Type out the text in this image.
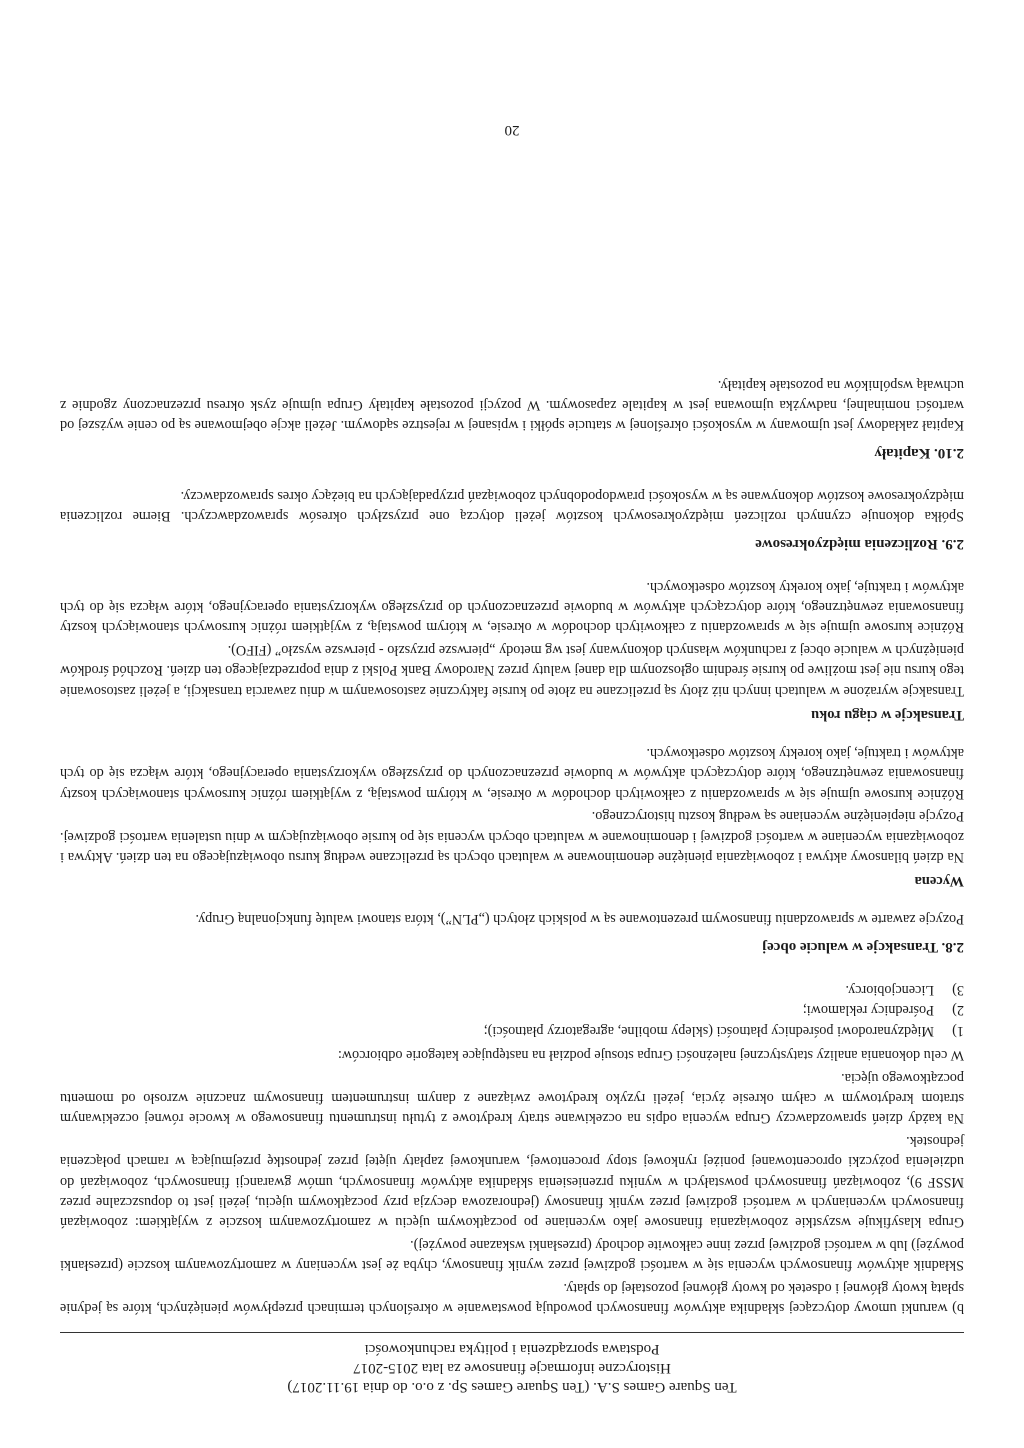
Ten Square Games S.A. (Ten Square Games Sp. z o.o. do dnia 19.11.2017)
Historyczne informacje finansowe za lata 2015-2017
Podstawa sporządzenia i polityka rachunkowości

b) warunki umowy dotyczącej składnika aktywów finansowych powodują powstawanie w określonych terminach przepływów pieniężnych, które są jedynie spłatą kwoty głównej i odsetek od kwoty głównej pozostałej do spłaty.

Składnik aktywów finansowych wycenia się w wartości godziwej przez wynik finansowy, chyba że jest wyceniany w zamortyzowanym koszcie (przesłanki powyżej) lub w wartości godziwej przez inne całkowite dochody (przesłanki wskazane powyżej).

Grupa klasyfikuje wszystkie zobowiązania finansowe jako wyceniane po początkowym ujęciu w zamortyzowanym koszcie z wyjątkiem: zobowiązań finansowych wycenianych w wartości godziwej przez wynik finansowy (jednorazowa decyzja przy początkowym ujęciu, jeżeli jest to dopuszczalne przez MSSF 9), zobowiązań finansowych powstałych w wyniku przeniesienia składnika aktywów finansowych, umów gwarancji finansowych, zobowiązań do udzielenia pożyczki oprocentowanej poniżej rynkowej stopy procentowej, warunkowej zapłaty ujętej przez jednostkę przejmującą w ramach połączenia jednostek.

Na każdy dzień sprawozdawczy Grupa wycenia odpis na oczekiwane straty kredytowe z tytułu instrumentu finansowego w kwocie równej oczekiwanym stratom kredytowym w całym okresie życia, jeżeli ryzyko kredytowe związane z danym instrumentem finansowym znacznie wzrosło od momentu początkowego ujęcia.

W celu dokonania analizy statystycznej należności Grupa stosuje podział na następujące kategorie odbiorców:

1)
Międzynarodowi pośrednicy płatności (sklepy mobilne, agregatorzy płatności);
2)
Pośrednicy reklamowi;
3)
Licencjobiorcy.
2.8. Transakcje w walucie obcej

Pozycje zawarte w sprawozdaniu finansowym prezentowane są w polskich złotych („PLN”), która stanowi walutę funkcjonalną Grupy.

Wycena

Na dzień bilansowy aktywa i zobowiązania pieniężne denominowane w walutach obcych są przeliczane według kursu obowiązującego na ten dzień. Aktywa i zobowiązania wyceniane w wartości godziwej i denominowane w walutach obcych wycenia się po kursie obowiązującym w dniu ustalenia wartości godziwej. Pozycje niepieniężne wyceniane są według kosztu historycznego.

Różnice kursowe ujmuje się w sprawozdaniu z całkowitych dochodów w okresie, w którym powstają, z wyjątkiem różnic kursowych stanowiących koszty finansowania zewnętrznego, które dotyczących aktywów w budowie przeznaczonych do przyszłego wykorzystania operacyjnego, które włącza się do tych aktywów i traktuje, jako korekty kosztów odsetkowych.

Transakcje w ciągu roku

Transakcje wyrażone w walutach innych niż złoty są przeliczane na złote po kursie faktycznie zastosowanym w dniu zawarcia transakcji, a jeżeli zastosowanie tego kursu nie jest możliwe po kursie średnim ogłoszonym dla danej waluty przez Narodowy Bank Polski z dnia poprzedzającego ten dzień. Rozchód środków pieniężnych w walucie obcej z rachunków własnych dokonywany jest wg metody „pierwsze przyszło - pierwsze wyszło” (FIFO).

Różnice kursowe ujmuje się w sprawozdaniu z całkowitych dochodów w okresie, w którym powstają, z wyjątkiem różnic kursowych stanowiących koszty finansowania zewnętrznego, które dotyczących aktywów w budowie przeznaczonych do przyszłego wykorzystania operacyjnego, które włącza się do tych aktywów i traktuje, jako korekty kosztów odsetkowych.

2.9. Rozliczenia międzyokresowe

Spółka dokonuje czynnych rozliczeń międzyokresowych kosztów jeżeli dotyczą one przyszłych okresów sprawozdawczych. Bierne rozliczenia międzyokresowe kosztów dokonywane są w wysokości prawdopodobnych zobowiązań przypadających na bieżący okres sprawozdawczy.

2.10. Kapitały

Kapitał zakładowy jest ujmowany w wysokości określonej w statucie spółki i wpisanej w rejestrze sądowym. Jeżeli akcje obejmowane są po cenie wyższej od wartości nominalnej, nadwyżka ujmowana jest w kapitale zapasowym. W pozycji pozostałe kapitały Grupa ujmuje zysk okresu przeznaczony zgodnie z uchwałą wspólników na pozostałe kapitały.

20
